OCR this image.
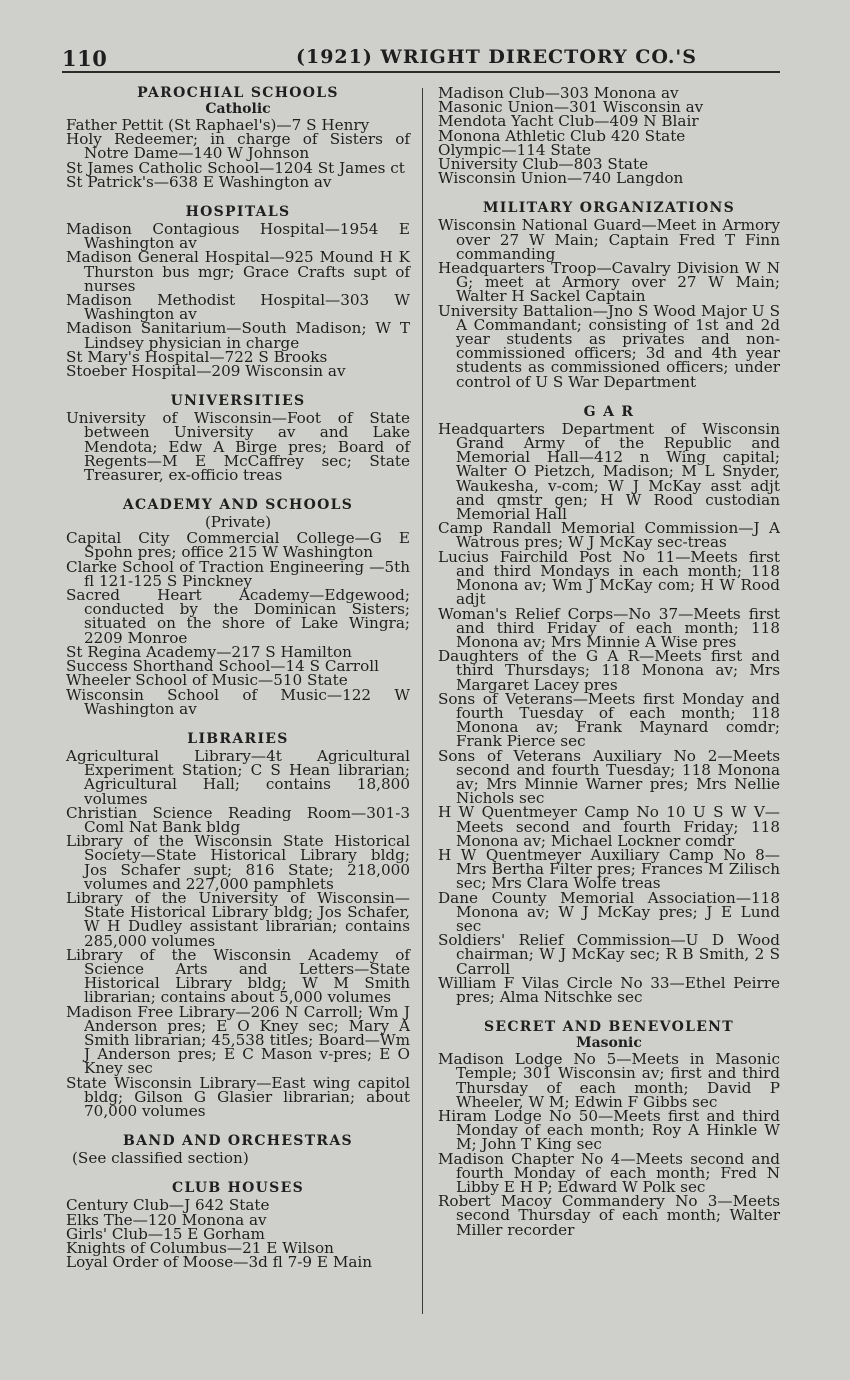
110	(1921) WRIGHT DIRECTORY CO.'S
PAROCHIAL SCHOOLS
Catholic

Father Pettit (St Raphael's)—7 S Henry

Holy Redeemer; in charge of Sisters of Notre Dame—140 W Johnson

St James Catholic School—1204 St James ct

St Patrick's—638 E Washington av

HOSPITALS

Madison Contagious Hospital—1954 E Washington av

Madison General Hospital—925 Mound H K Thurston bus mgr; Grace Crafts supt of nurses

Madison Methodist Hospital—303 W Washington av

Madison Sanitarium—South Madison; W T Lindsey physician in charge

St Mary's Hospital—722 S Brooks

Stoeber Hospital—209 Wisconsin av

UNIVERSITIES

University of Wisconsin—Foot of State between University av and Lake Mendota; Edw A Birge pres; Board of Regents—M E McCaffrey sec; State Treasurer, ex-officio treas

ACADEMY AND SCHOOLS
(Private)

Capital City Commercial College—G E Spohn pres; office 215 W Washington

Clarke School of Traction Engineering —5th fl 121-125 S Pinckney

Sacred Heart Academy—Edgewood; conducted by the Dominican Sisters; situated on the shore of Lake Wingra; 2209 Monroe

St Regina Academy—217 S Hamilton

Success Shorthand School—14 S Carroll

Wheeler School of Music—510 State

Wisconsin School of Music—122 W Washington av

LIBRARIES

Agricultural Library—4t Agricultural Experiment Station; C S Hean librarian; Agricultural Hall; contains 18,800 volumes

Christian Science Reading Room—301-3 Coml Nat Bank bldg

Library of the Wisconsin State Historical Society—State Historical Library bldg; Jos Schafer supt; 816 State; 218,000 volumes and 227,000 pamphlets

Library of the University of Wisconsin—State Historical Library bldg; Jos Schafer, W H Dudley assistant librarian; contains 285,000 volumes

Library of the Wisconsin Academy of Science Arts and Letters—State Historical Library bldg; W M Smith librarian; contains about 5,000 volumes

Madison Free Library—206 N Carroll; Wm J Anderson pres; E O Kney sec; Mary A Smith librarian; 45,538 titles; Board—Wm J Anderson pres; E C Mason v-pres; E O Kney sec

State Wisconsin Library—East wing capitol bldg; Gilson G Glasier librarian; about 70,000 volumes

BAND AND ORCHESTRAS
(See classified section)
CLUB HOUSES

Century Club—J 642 State

Elks The—120 Monona av

Girls' Club—15 E Gorham

Knights of Columbus—21 E Wilson

Loyal Order of Moose—3d fl 7-9 E Main

Madison Club—303 Monona av

Masonic Union—301 Wisconsin av

Mendota Yacht Club—409 N Blair

Monona Athletic Club 420 State

Olympic—114 State

University Club—803 State

Wisconsin Union—740 Langdon

MILITARY ORGANIZATIONS

Wisconsin National Guard—Meet in Armory over 27 W Main; Captain Fred T Finn commanding

Headquarters Troop—Cavalry Division W N G; meet at Armory over 27 W Main; Walter H Sackel Captain

University Battalion—Jno S Wood Major U S A Commandant; consisting of 1st and 2d year students as privates and non-commissioned officers; 3d and 4th year students as commissioned officers; under control of U S War Department

G A R

Headquarters Department of Wisconsin Grand Army of the Republic and Memorial Hall—412 n Wing capital; Walter O Pietzch, Madison; M L Snyder, Waukesha, v-com; W J McKay asst adjt and qmstr gen; H W Rood custodian Memorial Hall

Camp Randall Memorial Commission—J A Watrous pres; W J McKay sec-treas

Lucius Fairchild Post No 11—Meets first and third Mondays in each month; 118 Monona av; Wm J McKay com; H W Rood adjt

Woman's Relief Corps—No 37—Meets first and third Friday of each month; 118 Monona av; Mrs Minnie A Wise pres

Daughters of the G A R—Meets first and third Thursdays; 118 Monona av; Mrs Margaret Lacey pres

Sons of Veterans—Meets first Monday and fourth Tuesday of each month; 118 Monona av; Frank Maynard comdr; Frank Pierce sec

Sons of Veterans Auxiliary No 2—Meets second and fourth Tuesday; 118 Monona av; Mrs Minnie Warner pres; Mrs Nellie Nichols sec

H W Quentmeyer Camp No 10 U S W V—Meets second and fourth Friday; 118 Monona av; Michael Lockner comdr

H W Quentmeyer Auxiliary Camp No 8—Mrs Bertha Filter pres; Frances M Zilisch sec; Mrs Clara Wolfe treas

Dane County Memorial Association—118 Monona av; W J McKay pres; J E Lund sec

Soldiers' Relief Commission—U D Wood chairman; W J McKay sec; R B Smith, 2 S Carroll

William F Vilas Circle No 33—Ethel Peirre pres; Alma Nitschke sec

SECRET AND BENEVOLENT
Masonic

Madison Lodge No 5—Meets in Masonic Temple; 301 Wisconsin av; first and third Thursday of each month; David P Wheeler, W M; Edwin F Gibbs sec

Hiram Lodge No 50—Meets first and third Monday of each month; Roy A Hinkle W M; John T King sec

Madison Chapter No 4—Meets second and fourth Monday of each month; Fred N Libby E H P; Edward W Polk sec

Robert Macoy Commandery No 3—Meets second Thursday of each month; Walter Miller recorder
